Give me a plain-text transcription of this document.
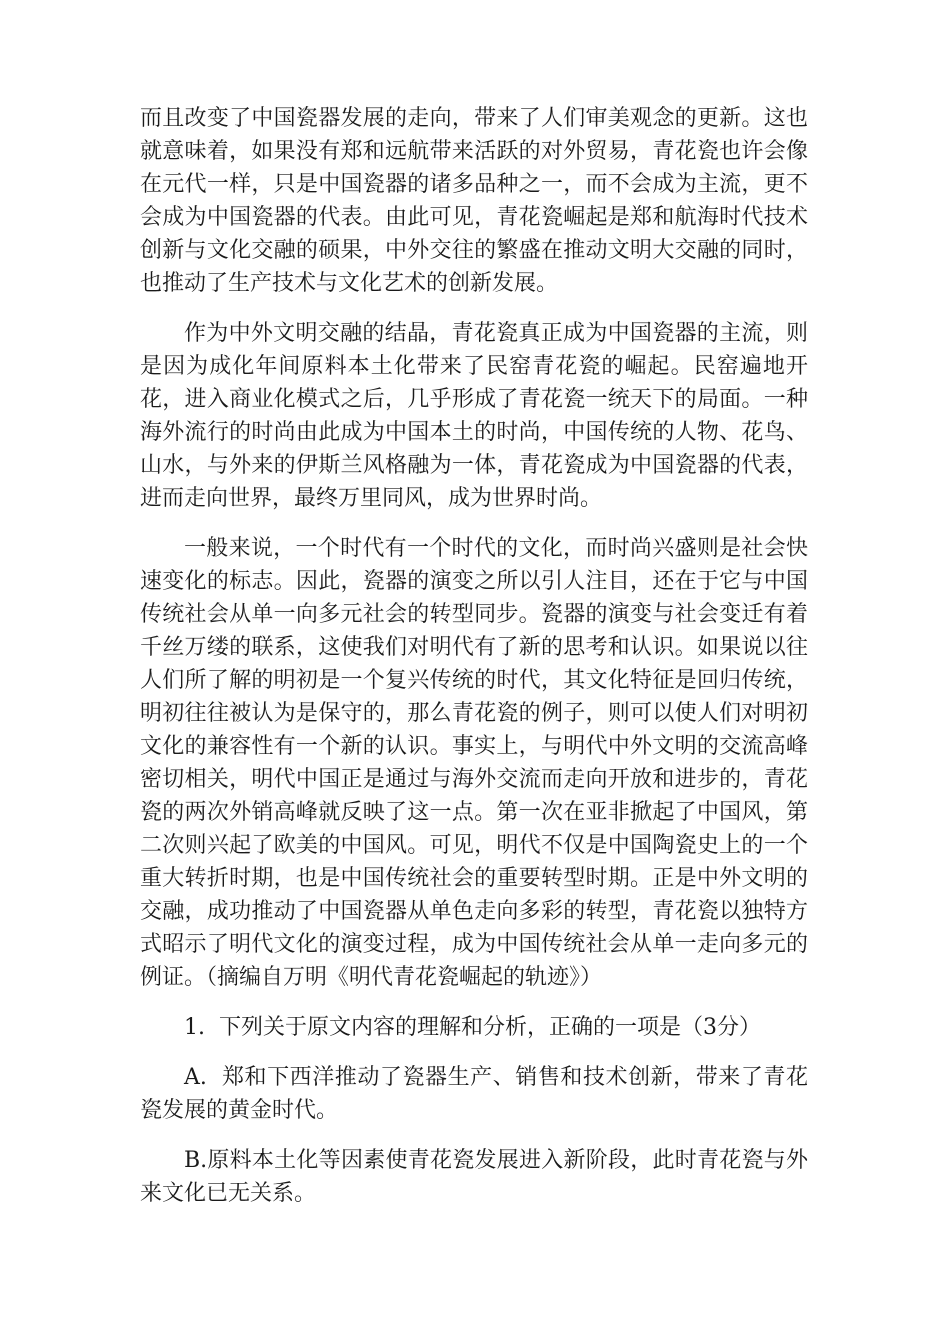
而且改变了中国瓷器发展的走向，带来了人们审美观念的更新。这也就意味着，如果没有郑和远航带来活跃的对外贸易，青花瓷也许会像在元代一样，只是中国瓷器的诸多品种之一，而不会成为主流，更不会成为中国瓷器的代表。由此可见，青花瓷崛起是郑和航海时代技术创新与文化交融的硕果，中外交往的繁盛在推动文明大交融的同时，也推动了生产技术与文化艺术的创新发展。

作为中外文明交融的结晶，青花瓷真正成为中国瓷器的主流，则是因为成化年间原料本土化带来了民窑青花瓷的崛起。民窑遍地开花，进入商业化模式之后，几乎形成了青花瓷一统天下的局面。一种海外流行的时尚由此成为中国本土的时尚，中国传统的人物、花鸟、山水，与外来的伊斯兰风格融为一体，青花瓷成为中国瓷器的代表，进而走向世界，最终万里同风，成为世界时尚。

一般来说，一个时代有一个时代的文化，而时尚兴盛则是社会快速变化的标志。因此，瓷器的演变之所以引人注目，还在于它与中国传统社会从单一向多元社会的转型同步。瓷器的演变与社会变迁有着千丝万缕的联系，这使我们对明代有了新的思考和认识。如果说以往人们所了解的明初是一个复兴传统的时代，其文化特征是回归传统，明初往往被认为是保守的，那么青花瓷的例子，则可以使人们对明初文化的兼容性有一个新的认识。事实上，与明代中外文明的交流高峰密切相关，明代中国正是通过与海外交流而走向开放和进步的，青花瓷的两次外销高峰就反映了这一点。第一次在亚非掀起了中国风，第二次则兴起了欧美的中国风。可见，明代不仅是中国陶瓷史上的一个重大转折时期，也是中国传统社会的重要转型时期。正是中外文明的交融，成功推动了中国瓷器从单色走向多彩的转型，青花瓷以独特方式昭示了明代文化的演变过程，成为中国传统社会从单一走向多元的例证。（摘编自万明《明代青花瓷崛起的轨迹》）

1. 下列关于原文内容的理解和分析，正确的一项是（3分）

A. 郑和下西洋推动了瓷器生产、销售和技术创新，带来了青花瓷发展的黄金时代。

B.原料本土化等因素使青花瓷发展进入新阶段，此时青花瓷与外来文化已无关系。
